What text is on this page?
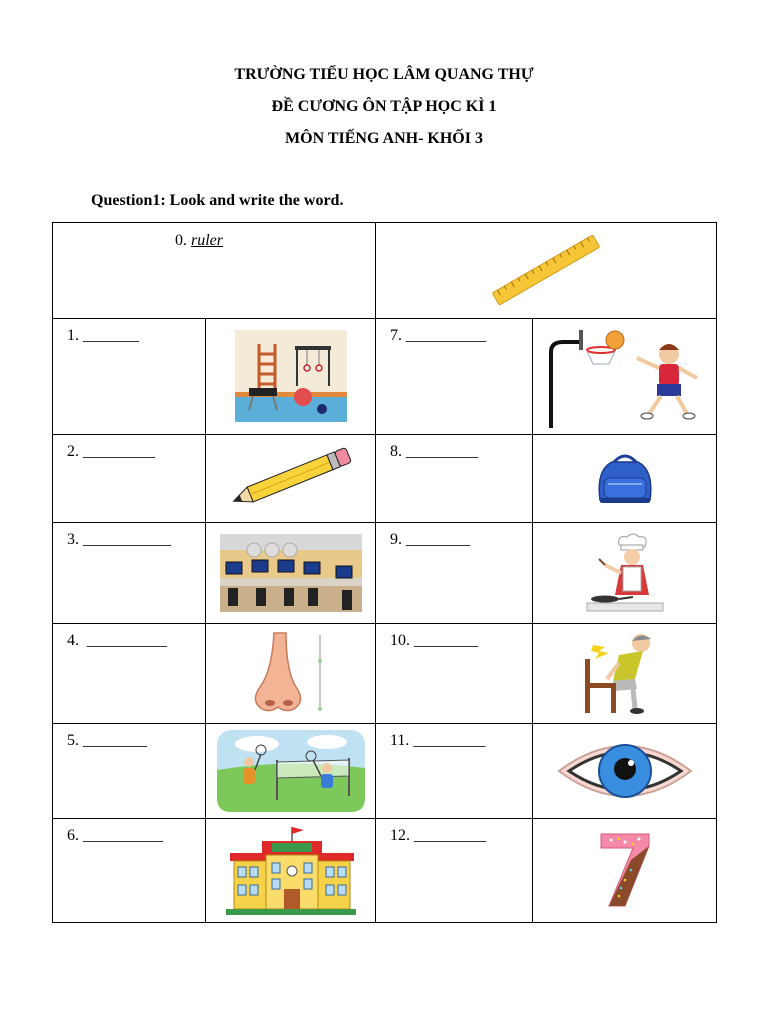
TRƯỜNG TIỂU HỌC LÂM QUANG THỰ
ĐỀ CƯƠNG ÔN TẬP HỌC KÌ 1
MÔN TIẾNG ANH- KHỐI 3
Question1: Look and write the word.
0. ruler

1. _______		7. __________

2. _________		8. _________

3. ___________		9. ________

4.  __________		10. ________

5. ________		11. _________

6. __________		12. _________
